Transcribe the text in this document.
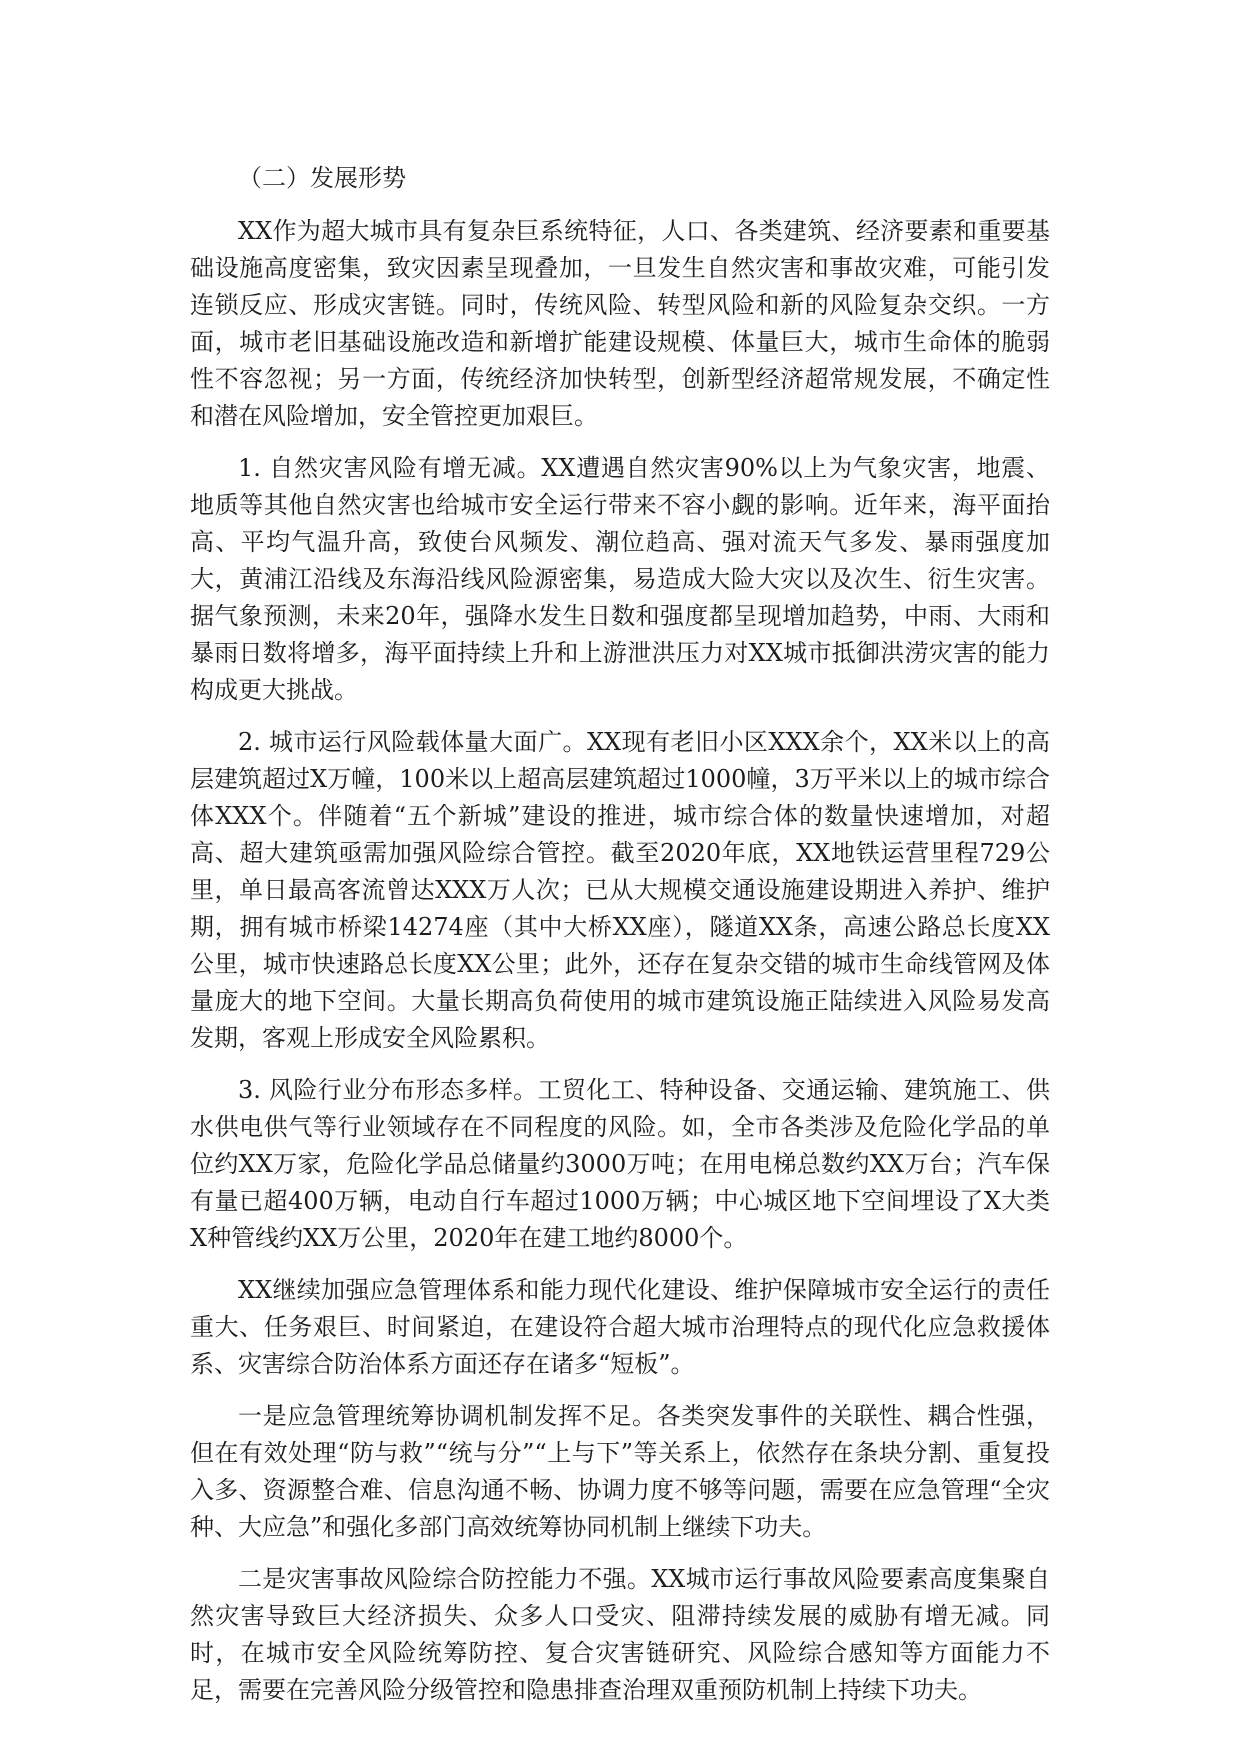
（二）发展形势

XX作为超大城市具有复杂巨系统特征，人口、各类建筑、经济要素和重要基础设施高度密集，致灾因素呈现叠加，一旦发生自然灾害和事故灾难，可能引发连锁反应、形成灾害链。同时，传统风险、转型风险和新的风险复杂交织。一方面，城市老旧基础设施改造和新增扩能建设规模、体量巨大，城市生命体的脆弱性不容忽视；另一方面，传统经济加快转型，创新型经济超常规发展，不确定性和潜在风险增加，安全管控更加艰巨。

1. 自然灾害风险有增无减。XX遭遇自然灾害90%以上为气象灾害，地震、地质等其他自然灾害也给城市安全运行带来不容小觑的影响。近年来，海平面抬高、平均气温升高，致使台风频发、潮位趋高、强对流天气多发、暴雨强度加大，黄浦江沿线及东海沿线风险源密集，易造成大险大灾以及次生、衍生灾害。据气象预测，未来20年，强降水发生日数和强度都呈现增加趋势，中雨、大雨和暴雨日数将增多，海平面持续上升和上游泄洪压力对XX城市抵御洪涝灾害的能力构成更大挑战。

2. 城市运行风险载体量大面广。XX现有老旧小区XXX余个，XX米以上的高层建筑超过X万幢，100米以上超高层建筑超过1000幢，3万平米以上的城市综合体XXX个。伴随着“五个新城”建设的推进，城市综合体的数量快速增加，对超高、超大建筑亟需加强风险综合管控。截至2020年底，XX地铁运营里程729公里，单日最高客流曾达XXX万人次；已从大规模交通设施建设期进入养护、维护期，拥有城市桥梁14274座（其中大桥XX座），隧道XX条，高速公路总长度XX公里，城市快速路总长度XX公里；此外，还存在复杂交错的城市生命线管网及体量庞大的地下空间。大量长期高负荷使用的城市建筑设施正陆续进入风险易发高发期，客观上形成安全风险累积。

3. 风险行业分布形态多样。工贸化工、特种设备、交通运输、建筑施工、供水供电供气等行业领域存在不同程度的风险。如，全市各类涉及危险化学品的单位约XX万家，危险化学品总储量约3000万吨；在用电梯总数约XX万台；汽车保有量已超400万辆，电动自行车超过1000万辆；中心城区地下空间埋设了X大类X种管线约XX万公里，2020年在建工地约8000个。

XX继续加强应急管理体系和能力现代化建设、维护保障城市安全运行的责任重大、任务艰巨、时间紧迫，在建设符合超大城市治理特点的现代化应急救援体系、灾害综合防治体系方面还存在诸多“短板”。

一是应急管理统筹协调机制发挥不足。各类突发事件的关联性、耦合性强，但在有效处理“防与救”“统与分”“上与下”等关系上，依然存在条块分割、重复投入多、资源整合难、信息沟通不畅、协调力度不够等问题，需要在应急管理“全灾种、大应急”和强化多部门高效统筹协同机制上继续下功夫。

二是灾害事故风险综合防控能力不强。XX城市运行事故风险要素高度集聚自然灾害导致巨大经济损失、众多人口受灾、阻滞持续发展的威胁有增无减。同时，在城市安全风险统筹防控、复合灾害链研究、风险综合感知等方面能力不足，需要在完善风险分级管控和隐患排查治理双重预防机制上持续下功夫。
